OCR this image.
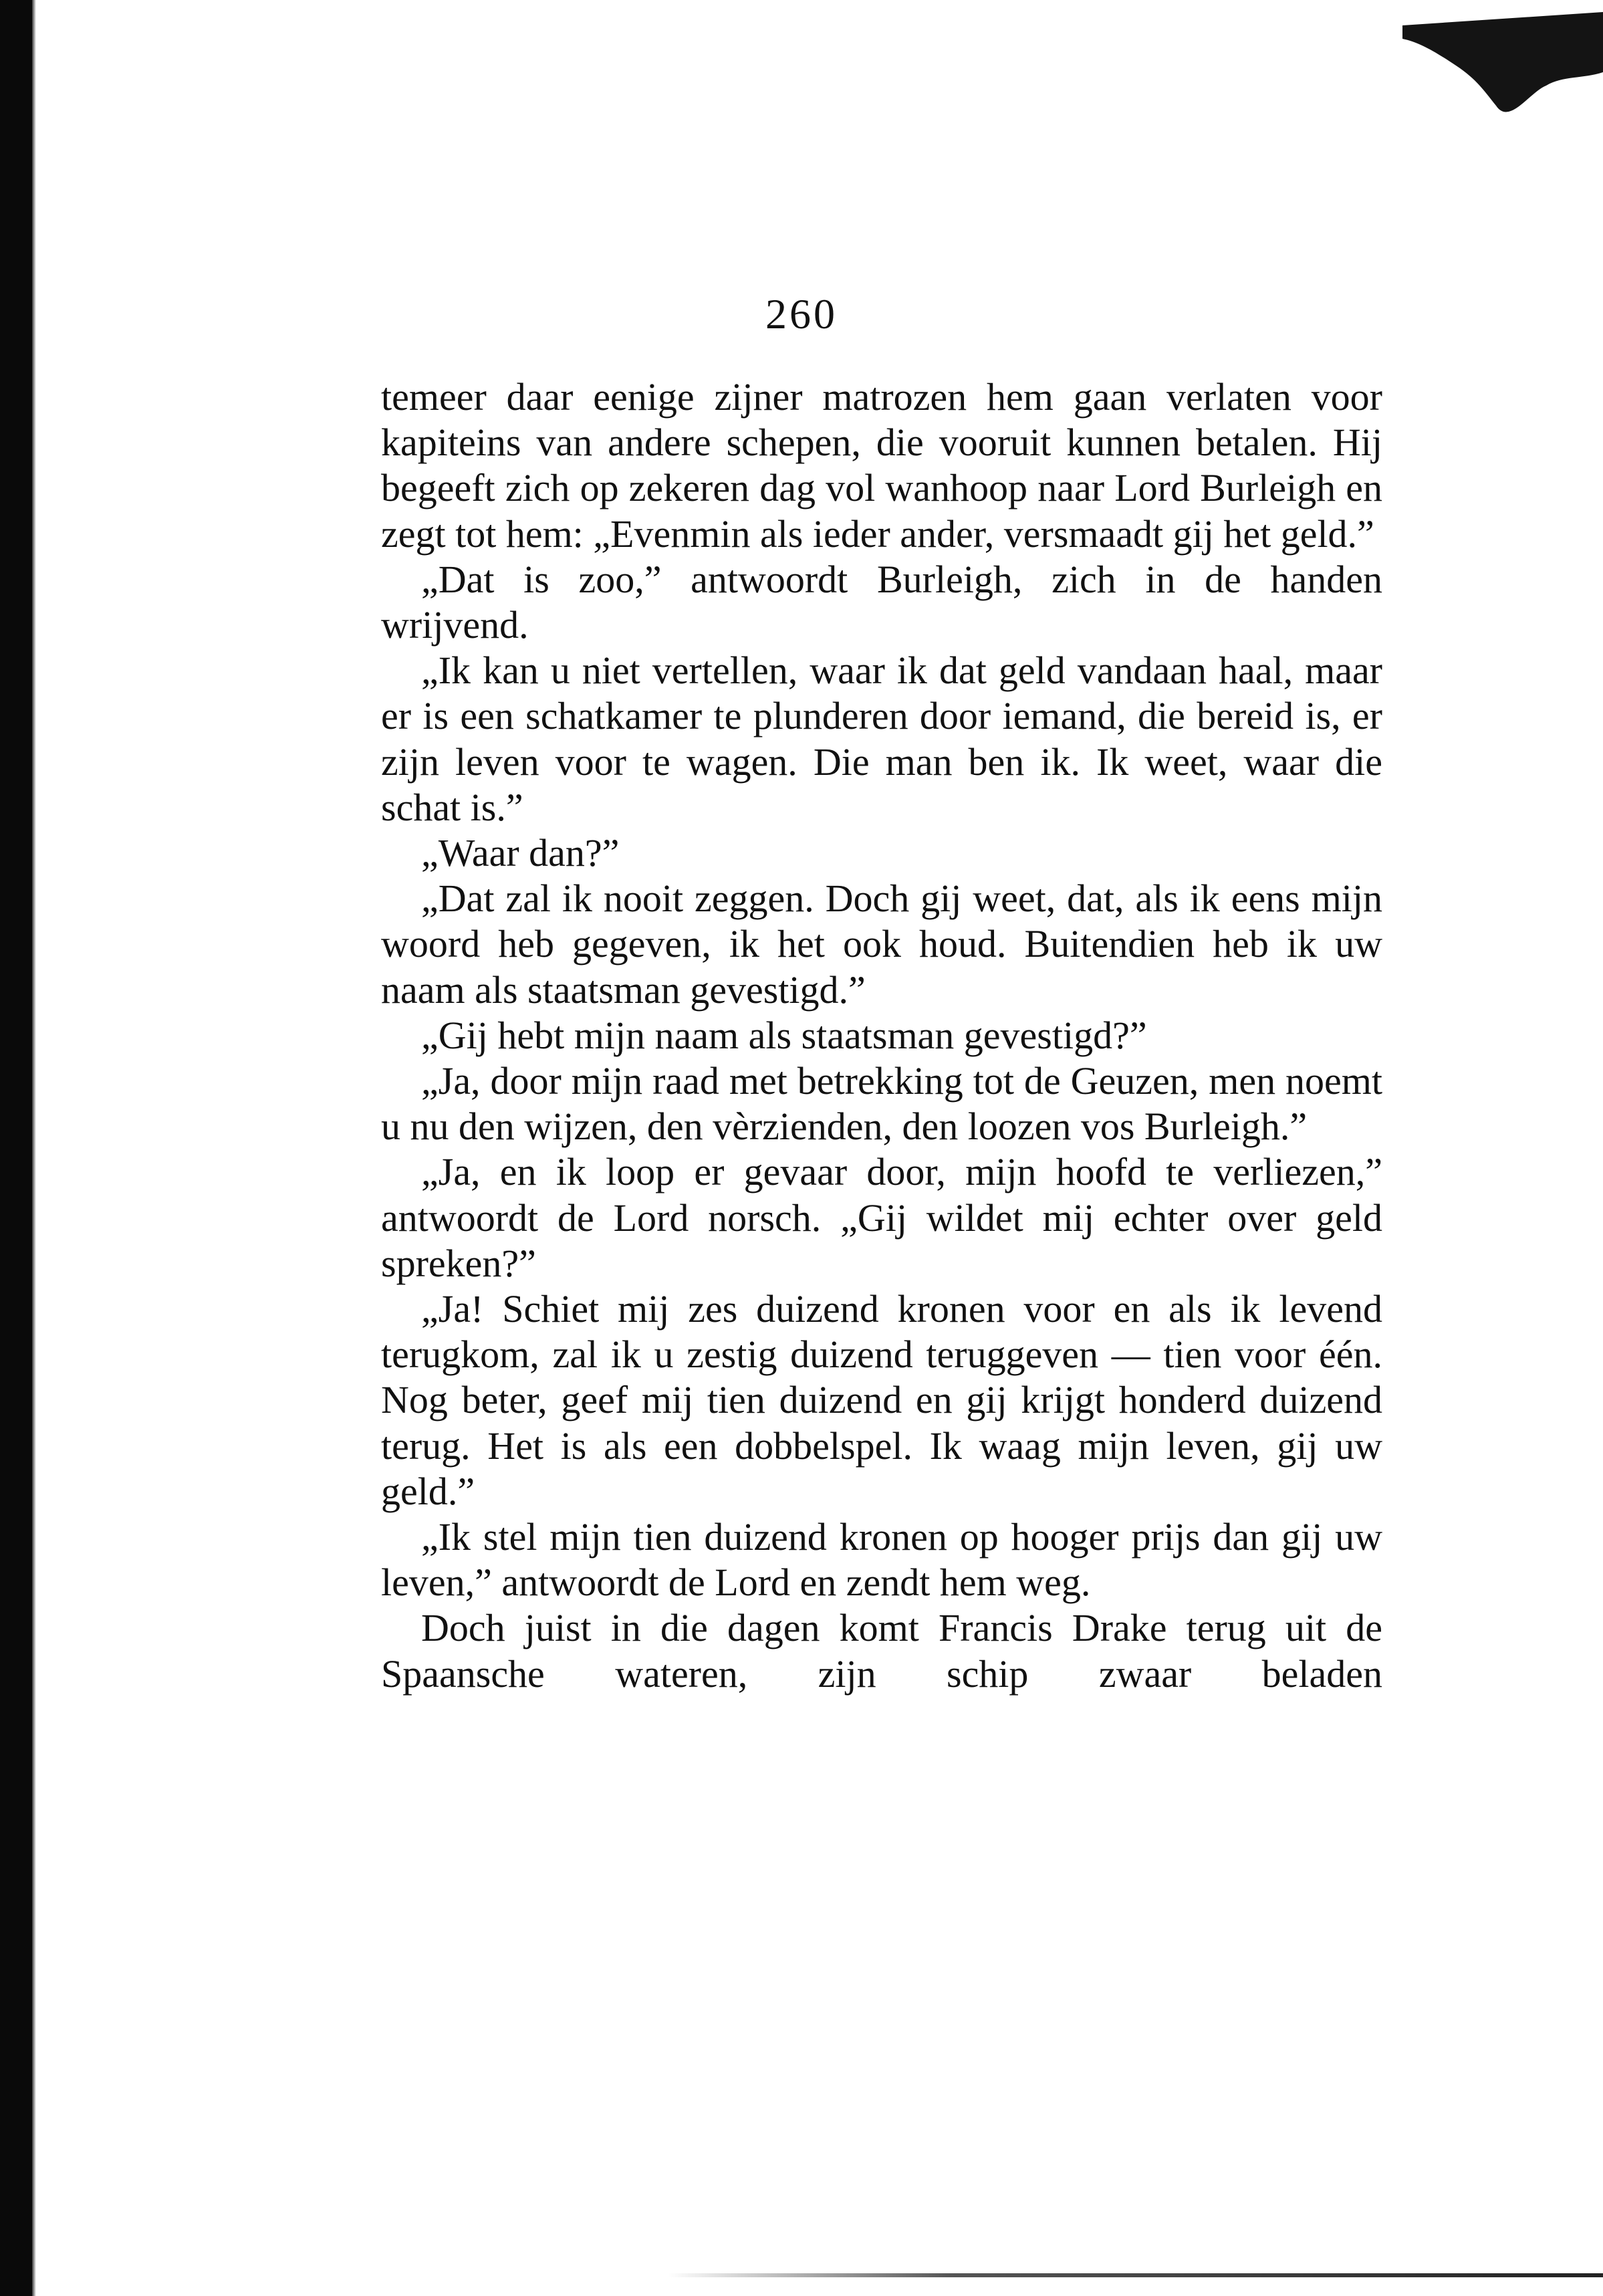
260

temeer daar eenige zijner matrozen hem gaan verlaten voor kapiteins van andere schepen, die vooruit kunnen betalen. Hij begeeft zich op zekeren dag vol wanhoop naar Lord Burleigh en zegt tot hem: „Evenmin als ieder ander, versmaadt gij het geld.”

„Dat is zoo,” antwoordt Burleigh, zich in de handen wrijvend.

„Ik kan u niet vertellen, waar ik dat geld vandaan haal, maar er is een schatkamer te plunderen door iemand, die bereid is, er zijn leven voor te wagen. Die man ben ik. Ik weet, waar die schat is.”

„Waar dan?”

„Dat zal ik nooit zeggen. Doch gij weet, dat, als ik eens mijn woord heb gegeven, ik het ook houd. Buitendien heb ik uw naam als staatsman gevestigd.”

„Gij hebt mijn naam als staatsman gevestigd?”

„Ja, door mijn raad met betrekking tot de Geuzen, men noemt u nu den wijzen, den vèrzienden, den loozen vos Burleigh.”

„Ja, en ik loop er gevaar door, mijn hoofd te verliezen,” antwoordt de Lord norsch. „Gij wildet mij echter over geld spreken?”

„Ja! Schiet mij zes duizend kronen voor en als ik levend terugkom, zal ik u zestig duizend teruggeven — tien voor één. Nog beter, geef mij tien duizend en gij krijgt honderd duizend terug. Het is als een dobbelspel. Ik waag mijn leven, gij uw geld.”

„Ik stel mijn tien duizend kronen op hooger prijs dan gij uw leven,” antwoordt de Lord en zendt hem weg.

Doch juist in die dagen komt Francis Drake terug uit de Spaansche wateren, zijn schip zwaar beladen
